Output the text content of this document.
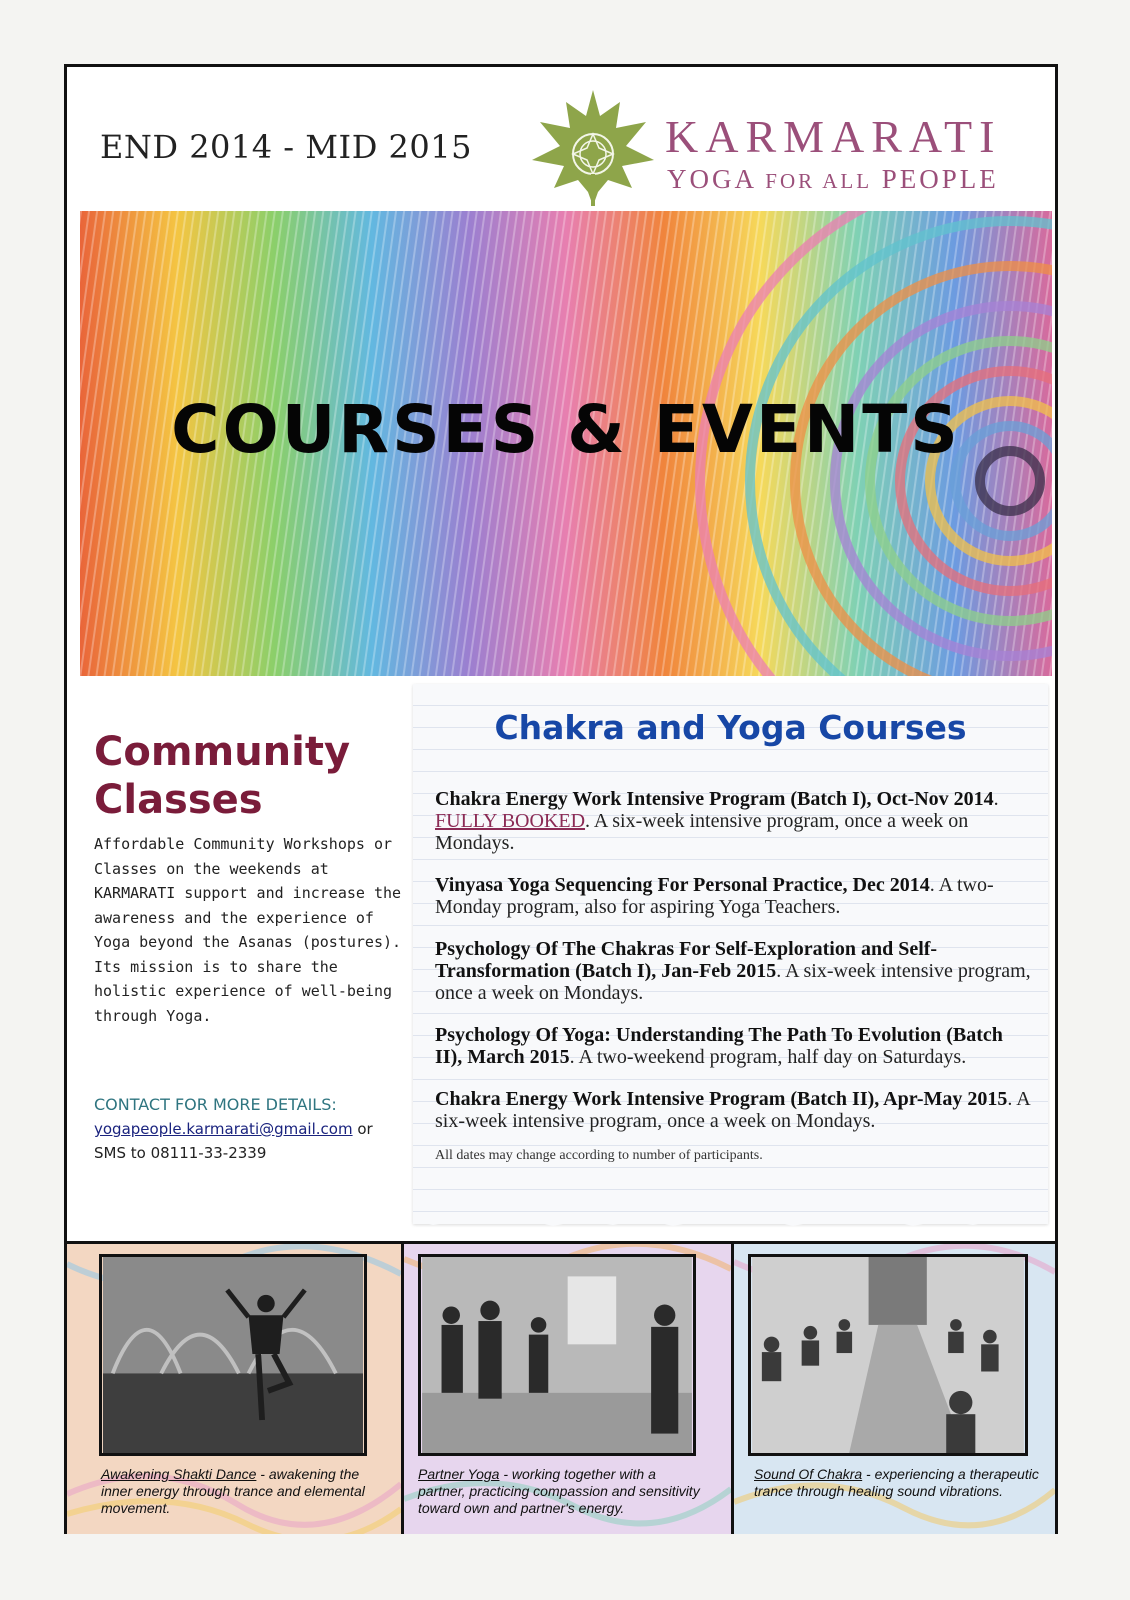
END 2014 - MID 2015	KARMARATI
YOGA FOR ALL PEOPLE
COURSES & EVENTS
Community
Classes

Affordable Community Workshops or Classes on the weekends at KARMARATI support and increase the awareness and the experience of Yoga beyond the Asanas (postures). Its mission is to share the holistic experience of well-being through Yoga.

CONTACT FOR MORE DETAILS:
yogapeople.karmarati@gmail.com or
SMS to 08111-33-2339
Chakra and Yoga Courses
Chakra Energy Work Intensive Program (Batch I), Oct-Nov 2014. FULLY BOOKED. A six-week intensive program, once a week on Mondays.
Vinyasa Yoga Sequencing For Personal Practice, Dec 2014. A two-Monday program, also for aspiring Yoga Teachers.
Psychology Of The Chakras For Self-Exploration and Self-Transformation (Batch I), Jan-Feb 2015. A six-week intensive program, once a week on Mondays.
Psychology Of Yoga: Understanding The Path To Evolution (Batch II), March 2015. A two-weekend program, half day on Saturdays.
Chakra Energy Work Intensive Program (Batch II), Apr-May 2015. A six-week intensive program, once a week on Mondays.
All dates may change according to number of participants.
Awakening Shakti Dance - awakening the inner energy through trance and elemental movement.
Partner Yoga - working together with a partner, practicing compassion and sensitivity toward own and partner's energy.
Sound Of Chakra - experiencing a therapeutic trance through healing sound vibrations.
